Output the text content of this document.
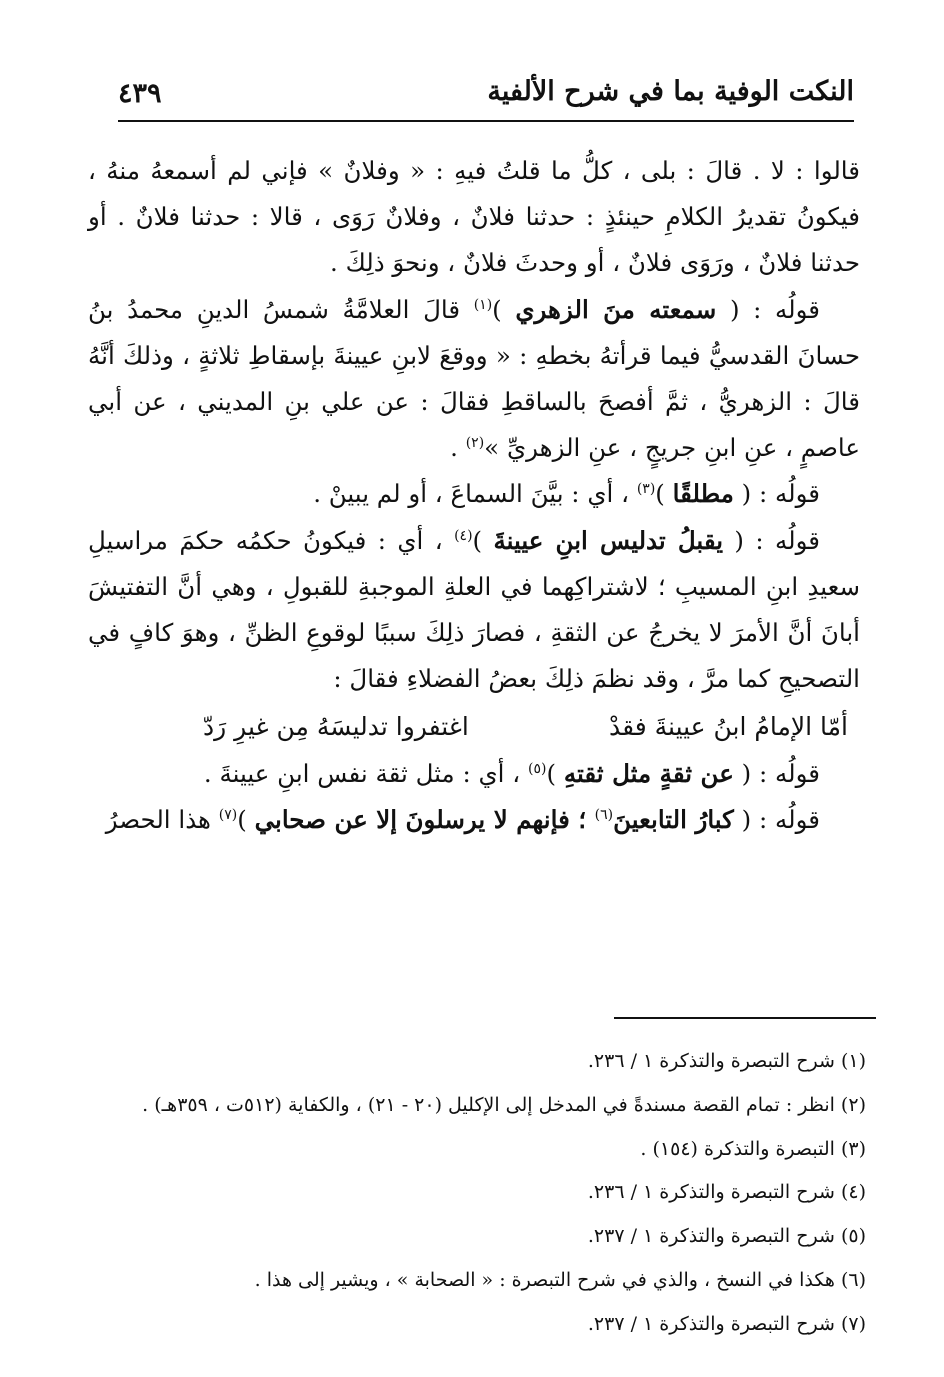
النكت الوفية بما في شرح الألفية
٤٣٩

قالوا : لا . قالَ : بلى ، كلُّ ما قلتُ فيهِ : « وفلانٌ » فإني لم أسمعهُ منهُ ، فيكونُ تقديرُ الكلامِ حينئذٍ : حدثنا فلانٌ ، وفلانٌ رَوَى ، قالا : حدثنا فلانٌ . أو حدثنا فلانٌ ، ورَوَى فلانٌ ، أو وحدثَ فلانٌ ، ونحوَ ذلِكَ .

قولُه : ( سمعته منَ الزهري )$^{(١)}$ قالَ العلامَّةُ شمسُ الدينِ محمدُ بنُ حسانَ القدسيُّ فيما قرأتهُ بخطهِ : « ووقعَ لابنِ عيينةَ بإسقاطِ ثلاثةٍ ، وذلكَ أنَّهُ قالَ : الزهريُّ ، ثمَّ أفصحَ بالساقطِ فقالَ : عن علي بنِ المديني ، عن أبي عاصمٍ ، عنِ ابنِ جريجٍ ، عنِ الزهريِّ »$^{(٢)}$ .

قولُه : ( مطلقًا )$^{(٣)}$ ، أي : بيَّنَ السماعَ ، أو لم يبينْ .

قولُه : ( يقبلُ تدليس ابنِ عيينةَ )$^{(٤)}$ ، أي : فيكونُ حكمُه حكمَ مراسيلِ سعيدِ ابنِ المسيبِ ؛ لاشتراكِهما في العلةِ الموجبةِ للقبولِ ، وهي أنَّ التفتيشَ أبانَ أنَّ الأمرَ لا يخرجُ عن الثقةِ ، فصارَ ذلِكَ سببًا لوقوعِ الظنِّ ، وهوَ كافٍ في التصحيحِ كما مرَّ ، وقد نظمَ ذلِكَ بعضُ الفضلاءِ فقالَ :

أمّا الإمامُ ابنُ عيينةَ فقدْ
اغتفروا تدليسَهُ مِن غيرِ رَدّ

قولُه : ( عن ثقةٍ مثل ثقتهِ )$^{(٥)}$ ، أي : مثل ثقة نفس ابنِ عيينةَ .

قولُه : ( كبارُ التابعينَ$^{(٦)}$ ؛ فإنهم لا يرسلونَ إلا عن صحابي )$^{(٧)}$ هذا الحصرُ

(١) شرح التبصرة والتذكرة ١ / ٢٣٦.
(٢) انظر : تمام القصة مسندةً في المدخل إلى الإكليل (٢٠ - ٢١) ، والكفاية (٥١٢ت ، ٣٥٩هـ) .
(٣) التبصرة والتذكرة (١٥٤) .
(٤) شرح التبصرة والتذكرة ١ / ٢٣٦.
(٥) شرح التبصرة والتذكرة ١ / ٢٣٧.
(٦) هكذا في النسخ ، والذي في شرح التبصرة : « الصحابة » ، ويشير إلى هذا .
(٧) شرح التبصرة والتذكرة ١ / ٢٣٧.
